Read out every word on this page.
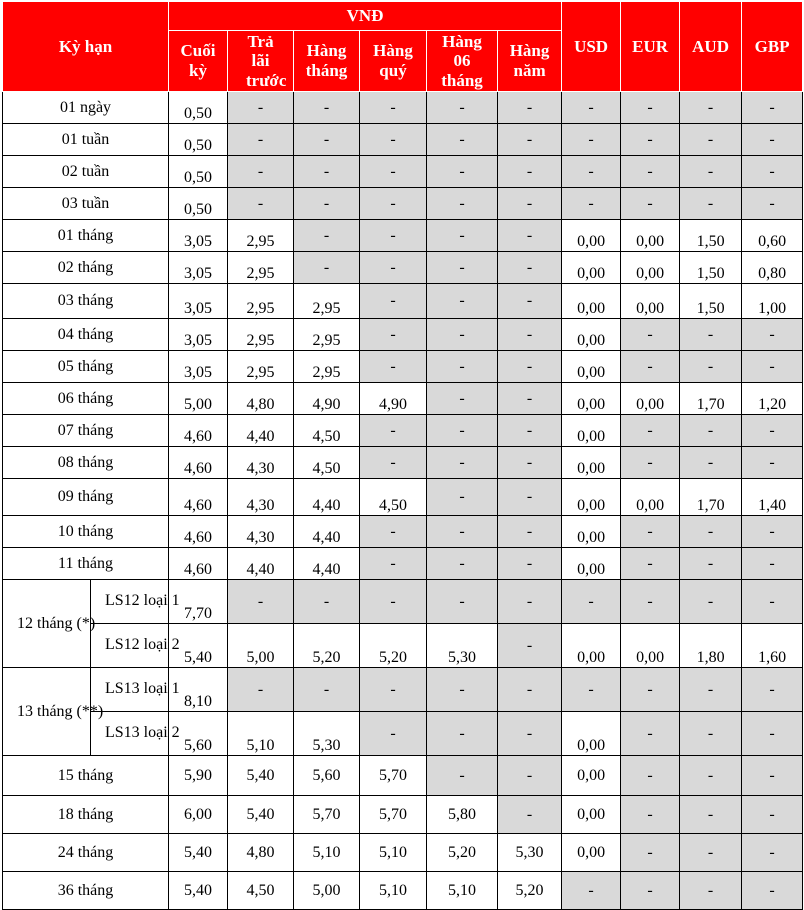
Kỳ hạn		VNĐ						USD	EUR	AUD	GBP
		Cuối kỳ	Trả lãi trước	Hàng tháng	Hàng quý	Hàng 06 tháng	Hàng năm				
01 ngày		0,50	-	-	-	-	-	-	-	-	-
01 tuần		0,50	-	-	-	-	-	-	-	-	-
02 tuần		0,50	-	-	-	-	-	-	-	-	-
03 tuần		0,50	-	-	-	-	-	-	-	-	-
01 tháng		3,05	2,95	-	-	-	-	0,00	0,00	1,50	0,60
02 tháng		3,05	2,95	-	-	-	-	0,00	0,00	1,50	0,80
03 tháng		3,05	2,95	2,95	-	-	-	0,00	0,00	1,50	1,00
04 tháng		3,05	2,95	2,95	-	-	-	0,00	-	-	-
05 tháng		3,05	2,95	2,95	-	-	-	0,00	-	-	-
06 tháng		5,00	4,80	4,90	4,90	-	-	0,00	0,00	1,70	1,20
07 tháng		4,60	4,40	4,50	-	-	-	0,00	-	-	-
08 tháng		4,60	4,30	4,50	-	-	-	0,00	-	-	-
09 tháng		4,60	4,30	4,40	4,50	-	-	0,00	0,00	1,70	1,40
10 tháng		4,60	4,30	4,40	-	-	-	0,00	-	-	-
11 tháng		4,60	4,40	4,40	-	-	-	0,00	-	-	-
12 tháng (*)	LS12 loại 1	7,70	-	-	-	-	-	-	-	-	-
	LS12 loại 2	5,40	5,00	5,20	5,20	5,30	-	0,00	0,00	1,80	1,60
13 tháng (**)	LS13 loại 1	8,10	-	-	-	-	-	-	-	-	-
	LS13 loại 2	5,60	5,10	5,30	-	-	-	0,00	-	-	-
15 tháng		5,90	5,40	5,60	5,70	-	-	0,00	-	-	-
18 tháng		6,00	5,40	5,70	5,70	5,80	-	0,00	-	-	-
24 tháng		5,40	4,80	5,10	5,10	5,20	5,30	0,00	-	-	-
36 tháng		5,40	4,50	5,00	5,10	5,10	5,20	-	-	-	-
